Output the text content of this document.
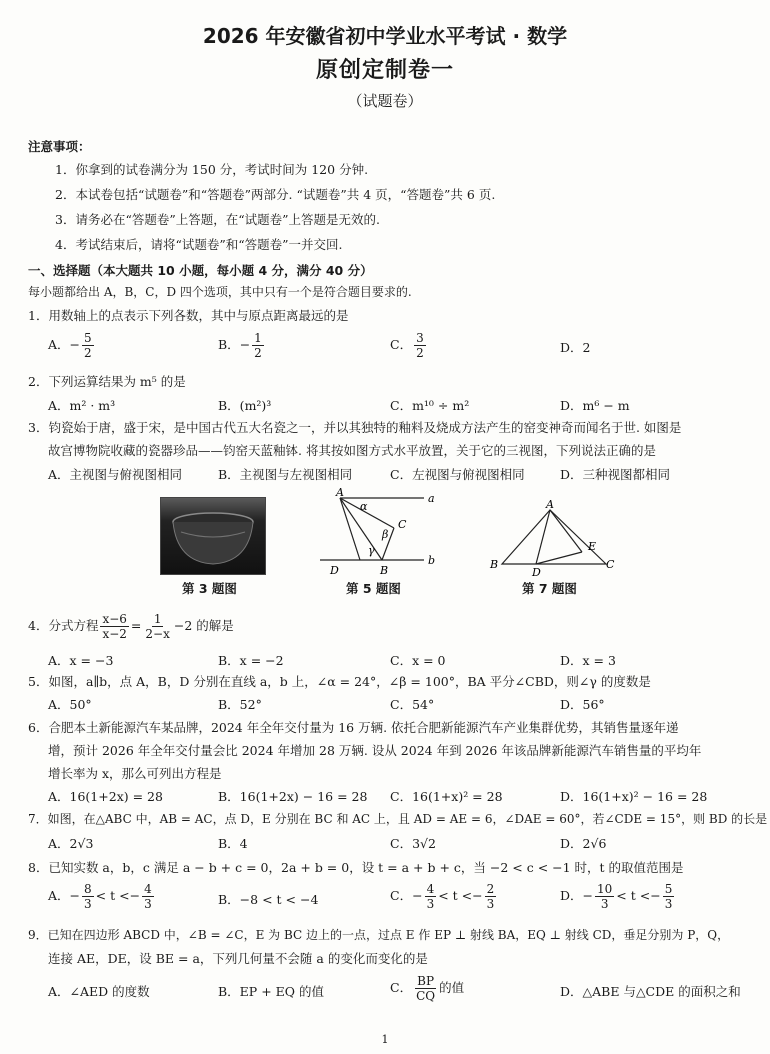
2026 年安徽省初中学业水平考试 · 数学
原创定制卷一
（试题卷）
注意事项：
1．你拿到的试卷满分为 150 分，考试时间为 120 分钟.
2．本试卷包括“试题卷”和“答题卷”两部分. “试题卷”共 4 页，“答题卷”共 6 页.
3．请务必在“答题卷”上答题，在“试题卷”上答题是无效的.
4．考试结束后，请将“试题卷”和“答题卷”一并交回.
一、选择题（本大题共 10 小题，每小题 4 分，满分 40 分）
每小题都给出 A，B，C，D 四个选项，其中只有一个是符合题目要求的.
1．用数轴上的点表示下列各数，其中与原点距离最远的是
A．− $\frac{5}{2}$	B．− $\frac{1}{2}$	C． $\frac{3}{2}$	D．2
2．下列运算结果为 m⁵ 的是
A．m² · m³	B．(m²)³	C．m¹⁰ ÷ m²	D．m⁶ − m
3．钧瓷始于唐，盛于宋，是中国古代五大名瓷之一，并以其独特的釉料及烧成方法产生的窑变神奇而闻名于世. 如图是
故宫博物院收藏的瓷器珍品——钧窑天蓝釉钵. 将其按如图方式水平放置，关于它的三视图，下列说法正确的是
A．主视图与俯视图相同	B．主视图与左视图相同	C．左视图与俯视图相同	D．三种视图都相同
第 3 题图
A
α
a
C
β
γ
D	B
b
第 5 题图
A
E
B
D
C
第 7 题图
4．分式方程 $\frac{x-6}{x-2} = \frac{1}{2-x} -2$ 的解是
A．x = −3	B．x = −2	C．x = 0	D．x = 3
5．如图，a∥b，点 A，B，D 分别在直线 a，b 上，∠α = 24°，∠β = 100°，BA 平分∠CBD，则∠γ 的度数是
A．50°	B．52°	C．54°	D．56°
6．合肥本土新能源汽车某品牌，2024 年全年交付量为 16 万辆. 依托合肥新能源汽车产业集群优势，其销售量逐年递
增，预计 2026 年全年交付量会比 2024 年增加 28 万辆. 设从 2024 年到 2026 年该品牌新能源汽车销售量的平均年
增长率为 x，那么可列出方程是
A．16(1+2x) = 28	B．16(1+2x) − 16 = 28 C．16(1+x)² = 28	D．16(1+x)² − 16 = 28
7．如图，在△ABC 中，AB = AC，点 D，E 分别在 BC 和 AC 上，且 AD = AE = 6，∠DAE = 60°，若∠CDE = 15°，则 BD 的长是
A．2√3	B．4	C．3√2	D．2√6
8．已知实数 a，b，c 满足 a − b + c = 0，2a + b = 0，设 t = a + b + c，当 −2 < c < −1 时，t 的取值范围是
A．− $\frac{8}{3} < t <- \frac{4}{3}$	B．−8 < t < −4	C．− $\frac{4}{3} < t <- \frac{2}{3}$	D．− $\frac{10}{3} < t <- \frac{5}{3}$
9．已知在四边形 ABCD 中，∠B = ∠C，E 为 BC 边上的一点，过点 E 作 EP ⊥ 射线 BA，EQ ⊥ 射线 CD，垂足分别为 P，Q，
连接 AE，DE，设 BE = a，下列几何量不会随 a 的变化而变化的是
A．∠AED 的度数	B．EP + EQ 的值	C． $\frac{BP}{CQ}$ 的值	D．△ABE 与△CDE 的面积之和
1
